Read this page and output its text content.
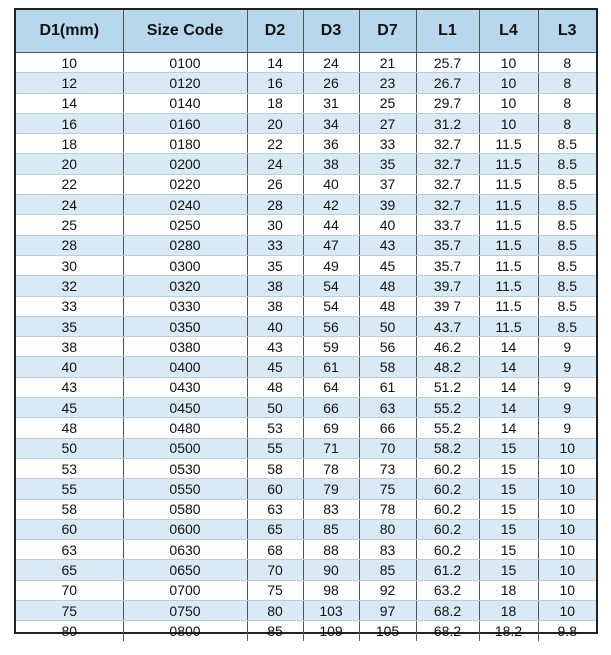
D1(mm)	Size Code	D2	D3	D7	L1	L4	L3
10	0100	14	24	21	25.7	10	8
12	0120	16	26	23	26.7	10	8
14	0140	18	31	25	29.7	10	8
16	0160	20	34	27	31.2	10	8
18	0180	22	36	33	32.7	11.5	8.5
20	0200	24	38	35	32.7	11.5	8.5
22	0220	26	40	37	32.7	11.5	8.5
24	0240	28	42	39	32.7	11.5	8.5
25	0250	30	44	40	33.7	11.5	8.5
28	0280	33	47	43	35.7	11.5	8.5
30	0300	35	49	45	35.7	11.5	8.5
32	0320	38	54	48	39.7	11.5	8.5
33	0330	38	54	48	39 7	11.5	8.5
35	0350	40	56	50	43.7	11.5	8.5
38	0380	43	59	56	46.2	14	9
40	0400	45	61	58	48.2	14	9
43	0430	48	64	61	51.2	14	9
45	0450	50	66	63	55.2	14	9
48	0480	53	69	66	55.2	14	9
50	0500	55	71	70	58.2	15	10
53	0530	58	78	73	60.2	15	10
55	0550	60	79	75	60.2	15	10
58	0580	63	83	78	60.2	15	10
60	0600	65	85	80	60.2	15	10
63	0630	68	88	83	60.2	15	10
65	0650	70	90	85	61.2	15	10
70	0700	75	98	92	63.2	18	10
75	0750	80	103	97	68.2	18	10
80	0800	85	109	105	68.2	18.2	9.8
